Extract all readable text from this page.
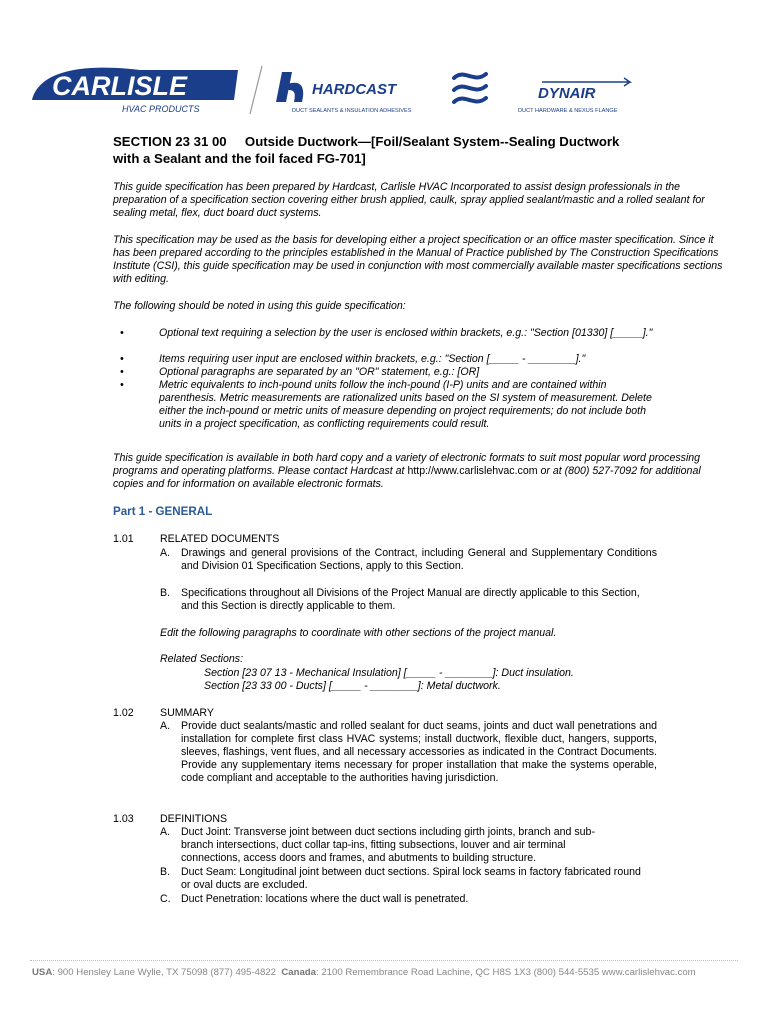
CARLISLE
HVAC PRODUCTS
HARDCAST
DUCT SEALANTS & INSULATION ADHESIVES
DYNAIR
DUCT HARDWARE & NEXUS FLANGE
SECTION 23 31 00     Outside Ductwork—[Foil/Sealant System--Sealing Ductwork
with a Sealant and the foil faced FG-701]

This guide specification has been prepared by Hardcast, Carlisle HVAC Incorporated to assist design professionals in the preparation of a specification section covering either brush applied, caulk, spray applied sealant/mastic and a rolled sealant for sealing metal, flex, duct board duct systems.

This specification may be used as the basis for developing either a project specification or an office master specification. Since it has been prepared according to the principles established in the Manual of Practice published by The Construction Specifications Institute (CSI), this guide specification may be used in conjunction with most commercially available master specifications sections with editing.

The following should be noted in using this guide specification:

•	Optional text requiring a selection by the user is enclosed within brackets, e.g.: "Section [01330] [_____]."
•	Items requiring user input are enclosed within brackets, e.g.: "Section [_____ - ________]."
•	Optional paragraphs are separated by an "OR" statement, e.g.: [OR]
•	Metric equivalents to inch-pound units follow the inch-pound (I-P) units and are contained within parenthesis. Metric measurements are rationalized units based on the SI system of measurement. Delete either the inch-pound or metric units of measure depending on project requirements; do not include both units in a project specification, as conflicting requirements could result.

This guide specification is available in both hard copy and a variety of electronic formats to suit most popular word processing programs and operating platforms. Please contact Hardcast at http://www.carlislehvac.com or at (800) 527-7092 for additional copies and for information on available electronic formats.

Part 1 - GENERAL
1.01 RELATED DOCUMENTS
A. Drawings and general provisions of the Contract, including General and Supplementary Conditions and Division 01 Specification Sections, apply to this Section.

B. Specifications throughout all Divisions of the Project Manual are directly applicable to this Section, and this Section is directly applicable to them.

Edit the following paragraphs to coordinate with other sections of the project manual.

Related Sections:

Section [23 07 13 - Mechanical Insulation] [_____ - ________]: Duct insulation.

Section [23 33 00 - Ducts] [_____ - ________]: Metal ductwork.

1.02 SUMMARY
A. Provide duct sealants/mastic and rolled sealant for duct seams, joints and duct wall penetrations and installation for complete first class HVAC systems; install ductwork, flexible duct, hangers, supports, sleeves, flashings, vent flues, and all necessary accessories as indicated in the Contract Documents. Provide any supplementary items necessary for proper installation that make the systems operable, code compliant and acceptable to the authorities having jurisdiction.

1.03 DEFINITIONS
A. Duct Joint: Transverse joint between duct sections including girth joints, branch and sub-branch intersections, duct collar tap-ins, fitting subsections, louver and air terminal connections, access doors and frames, and abutments to building structure.

B. Duct Seam: Longitudinal joint between duct sections. Spiral lock seams in factory fabricated round or oval ducts are excluded.

C. Duct Penetration: locations where the duct wall is penetrated.

USA: 900 Hensley Lane Wylie, TX 75098 (877) 495-4822 Canada: 2100 Remembrance Road Lachine, QC H8S 1X3 (800) 544-5535 www.carlislehvac.com
